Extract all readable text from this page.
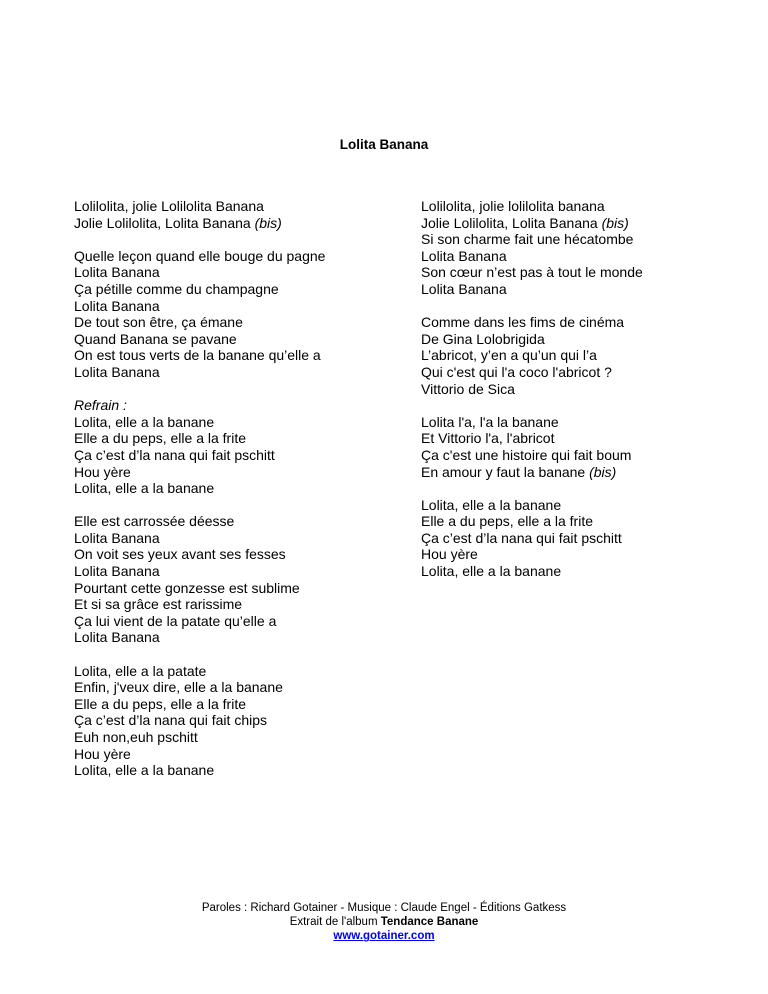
Lolita Banana
Lolilolita, jolie Lolilolita Banana
Jolie Lolilolita, Lolita Banana (bis)
Quelle leçon quand elle bouge du pagne
Lolita Banana
Ça pétille comme du champagne
Lolita Banana
De tout son être, ça émane
Quand Banana se pavane
On est tous verts de la banane qu’elle a
Lolita Banana
Refrain :
Lolita, elle a la banane
Elle a du peps, elle a la frite
Ça c’est d’la nana qui fait pschitt
Hou yère
Lolita, elle a la banane
Elle est carrossée déesse
Lolita Banana
On voit ses yeux avant ses fesses
Lolita Banana
Pourtant cette gonzesse est sublime
Et si sa grâce est rarissime
Ça lui vient de la patate qu’elle a
Lolita Banana
Lolita, elle a la patate
Enfin, j'veux dire, elle a la banane
Elle a du peps, elle a la frite
Ça c’est d’la nana qui fait chips
Euh non,euh pschitt
Hou yère
Lolita, elle a la banane
Lolilolita, jolie lolilolita banana
Jolie Lolilolita, Lolita Banana (bis)
Si son charme fait une hécatombe
Lolita Banana
Son cœur n’est pas à tout le monde
Lolita Banana
Comme dans les fims de cinéma
De Gina Lolobrigida
L’abricot, y’en a qu’un qui l’a
Qui c'est qui l'a coco l'abricot ?
Vittorio de Sica
Lolita l'a, l'a la banane
Et Vittorio l'a, l'abricot
Ça c'est une histoire qui fait boum
En amour y faut la banane (bis)
Lolita, elle a la banane
Elle a du peps, elle a la frite
Ça c’est d’la nana qui fait pschitt
Hou yère
Lolita, elle a la banane
Paroles : Richard Gotainer - Musique : Claude Engel - Éditions Gatkess
Extrait de l'album Tendance Banane
www.gotainer.com
